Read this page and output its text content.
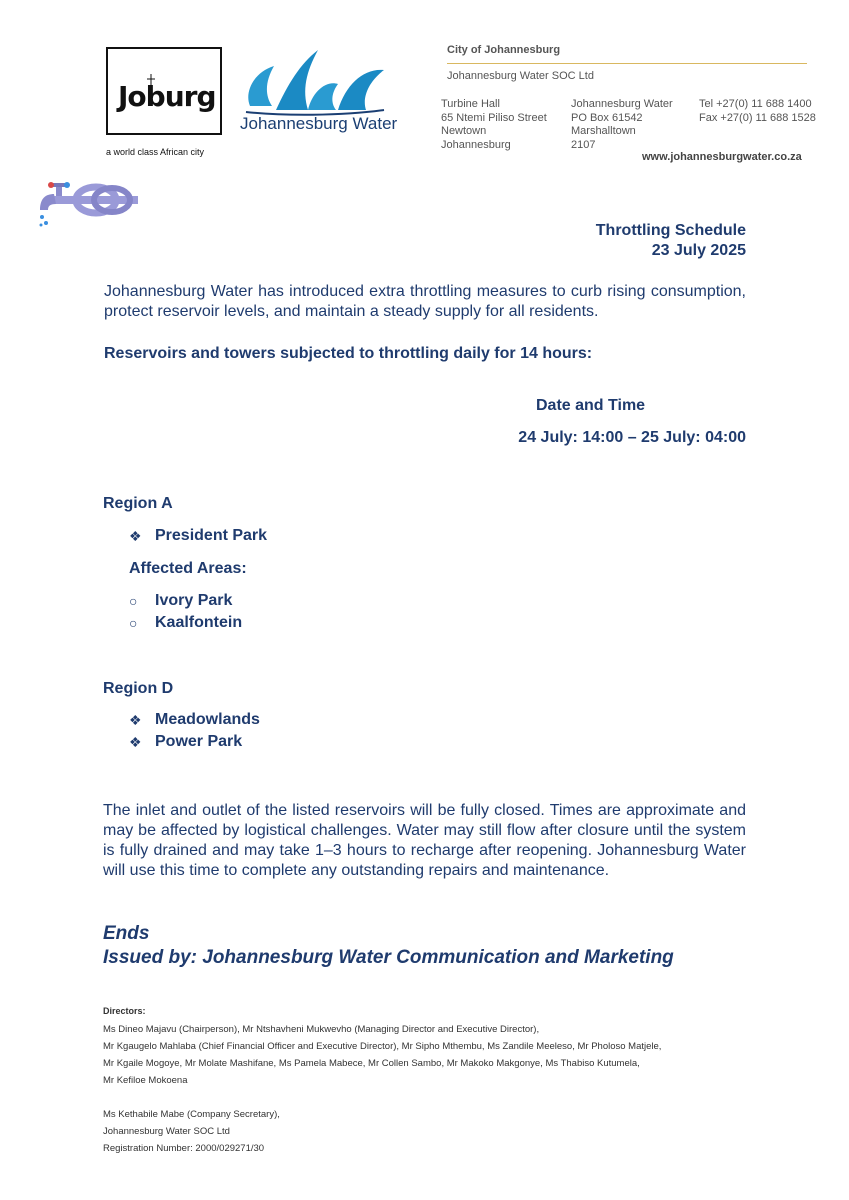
Joburg
a world class African city
Johannesburg Water
City of Johannesburg
Johannesburg Water SOC Ltd
Turbine Hall
65 Ntemi Piliso Street
Newtown
Johannesburg
Johannesburg Water
PO Box 61542
Marshalltown
2107
Tel +27(0) 11 688 1400
Fax +27(0) 11 688 1528
www.johannesburgwater.co.za
Throttling Schedule
23 July 2025
Johannesburg Water has introduced extra throttling measures to curb rising consumption, protect reservoir levels, and maintain a steady supply for all residents.
Reservoirs and towers subjected to throttling daily for 14 hours:
Date and Time
24 July: 14:00 – 25 July: 04:00
Region A
❖ President Park
Affected Areas:
○	Ivory Park
○	Kaalfontein
Region D
❖ Meadowlands
❖ Power Park
The inlet and outlet of the listed reservoirs will be fully closed. Times are approximate and may be affected by logistical challenges. Water may still flow after closure until the system is fully drained and may take 1–3 hours to recharge after reopening. Johannesburg Water will use this time to complete any outstanding repairs and maintenance.
Ends
Issued by: Johannesburg Water Communication and Marketing
Directors:
Ms Dineo Majavu (Chairperson), Mr Ntshavheni Mukwevho (Managing Director and Executive Director),
Mr Kgaugelo Mahlaba (Chief Financial Officer and Executive Director), Mr Sipho Mthembu, Ms Zandile Meeleso, Mr Pholoso Matjele,
Mr Kgaile Mogoye, Mr Molate Mashifane, Ms Pamela Mabece, Mr Collen Sambo, Mr Makoko Makgonye, Ms Thabiso Kutumela,
Mr Kefiloe Mokoena
Ms Kethabile Mabe (Company Secretary),
Johannesburg Water SOC Ltd
Registration Number: 2000/029271/30
